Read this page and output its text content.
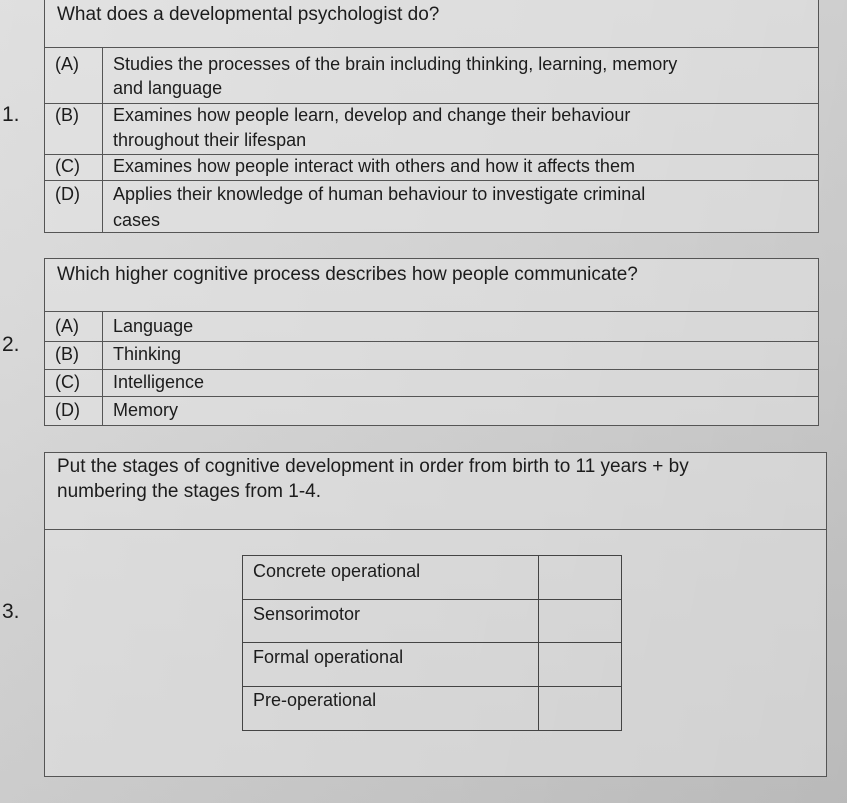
1.
What does a developmental psychologist do?
(A) Studies the processes of the brain including thinking, learning, memory
and language
(B) Examines how people learn, develop and change their behaviour
throughout their lifespan
(C) Examines how people interact with others and how it affects them
(D) Applies their knowledge of human behaviour to investigate criminal
cases
2.
Which higher cognitive process describes how people communicate?
(A) Language
(B) Thinking
(C) Intelligence
(D) Memory
3.
Put the stages of cognitive development in order from birth to 11 years + by
numbering the stages from 1-4.
Concrete operational
Sensorimotor
Formal operational
Pre-operational
